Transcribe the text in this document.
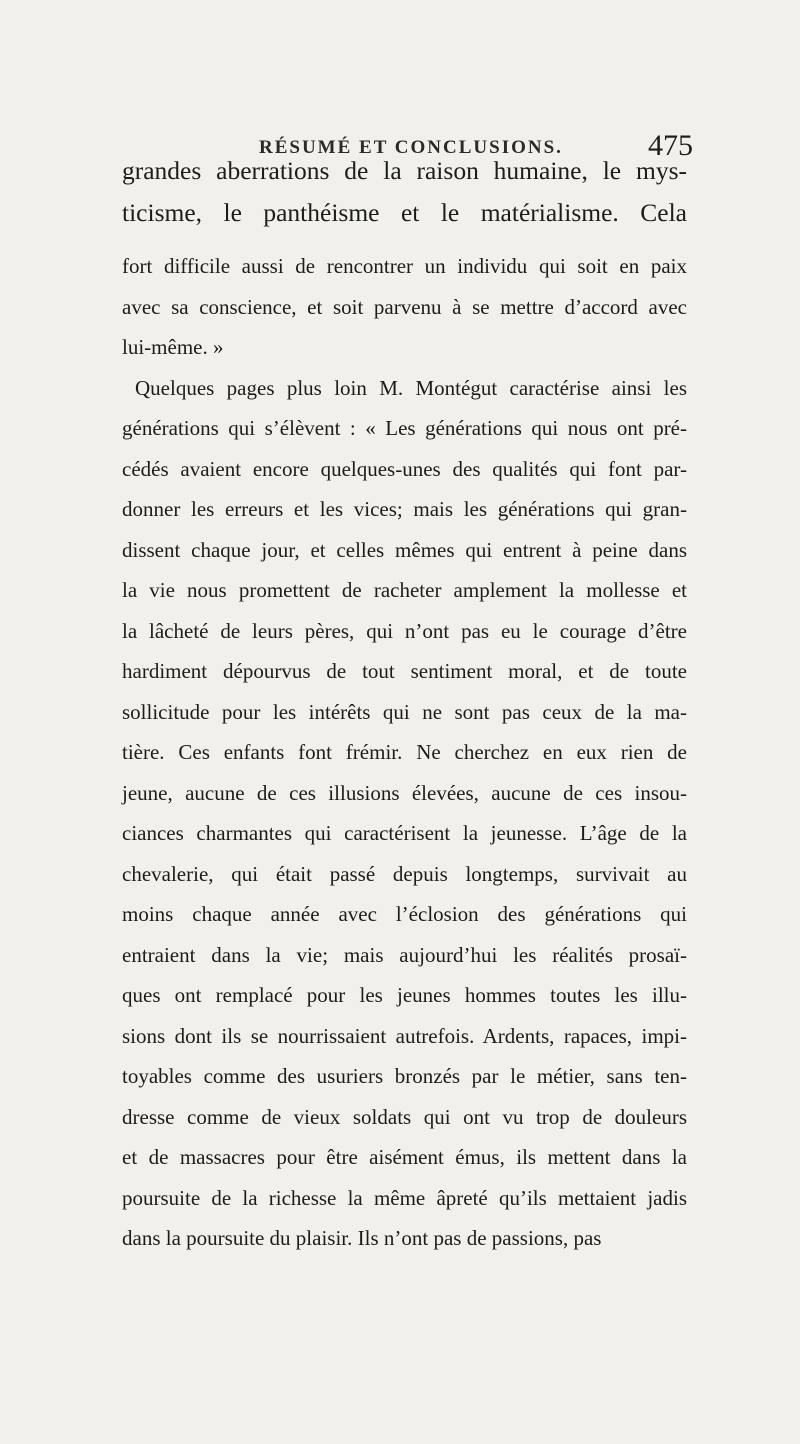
RÉSUMÉ ET CONCLUSIONS.	475
grandes aberrations de la raison humaine, le mys-
ticisme, le panthéisme et le matérialisme. Cela
fort difficile aussi de rencontrer un individu qui soit en paix
avec sa conscience, et soit parvenu à se mettre d’accord avec
lui-même. »
Quelques pages plus loin M. Montégut caractérise ainsi les
générations qui s’élèvent : « Les générations qui nous ont pré-
cédés avaient encore quelques-unes des qualités qui font par-
donner les erreurs et les vices; mais les générations qui gran-
dissent chaque jour, et celles mêmes qui entrent à peine dans
la vie nous promettent de racheter amplement la mollesse et
la lâcheté de leurs pères, qui n’ont pas eu le courage d’être
hardiment dépourvus de tout sentiment moral, et de toute
sollicitude pour les intérêts qui ne sont pas ceux de la ma-
tière. Ces enfants font frémir. Ne cherchez en eux rien de
jeune, aucune de ces illusions élevées, aucune de ces insou-
ciances charmantes qui caractérisent la jeunesse. L’âge de la
chevalerie, qui était passé depuis longtemps, survivait au
moins chaque année avec l’éclosion des générations qui
entraient dans la vie; mais aujourd’hui les réalités prosaï-
ques ont remplacé pour les jeunes hommes toutes les illu-
sions dont ils se nourrissaient autrefois. Ardents, rapaces, impi-
toyables comme des usuriers bronzés par le métier, sans ten-
dresse comme de vieux soldats qui ont vu trop de douleurs
et de massacres pour être aisément émus, ils mettent dans la
poursuite de la richesse la même âpreté qu’ils mettaient jadis
dans la poursuite du plaisir. Ils n’ont pas de passions, pas
